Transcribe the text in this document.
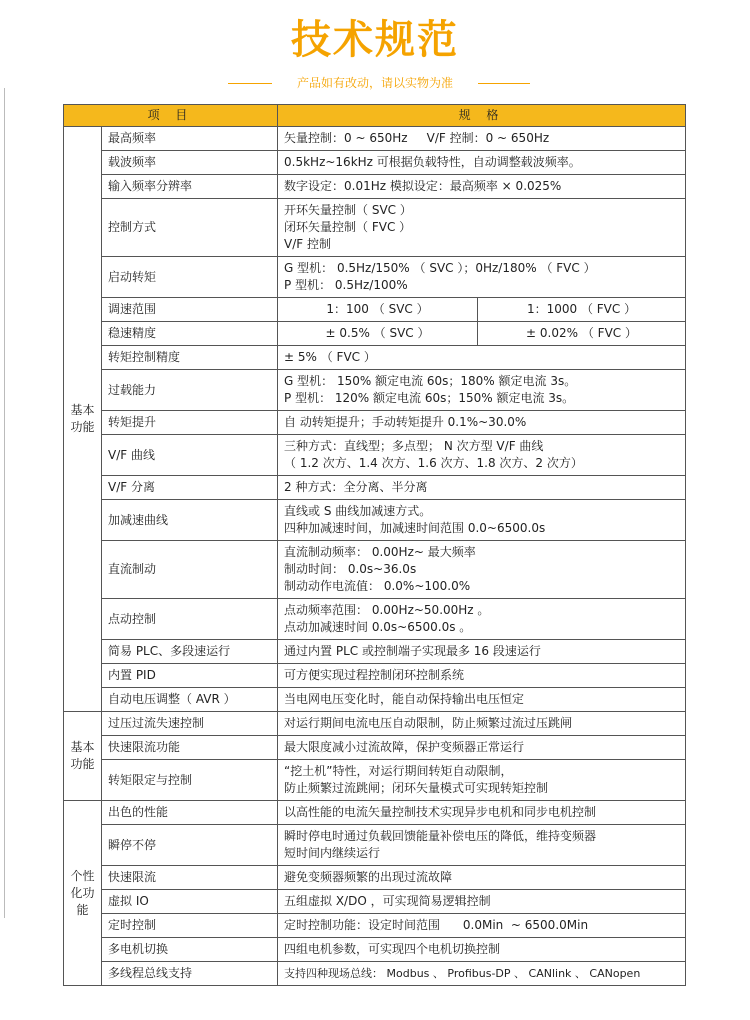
技术规范
产品如有改动，请以实物为准
项 目		规 格	
基本
功能	最高频率	矢量控制：0 ~ 650Hz     V/F 控制：0 ~ 650Hz	
	载波频率	0.5kHz~16kHz 可根据负载特性，自动调整载波频率。	
	输入频率分辨率	数字设定：0.01Hz 模拟设定：最高频率 × 0.025%	
	控制方式	开环矢量控制（ SVC ）
闭环矢量控制（ FVC ）
V/F 控制	

	启动转矩	G 型机： 0.5Hz/150% （ SVC ）；0Hz/180% （ FVC ）
P 型机： 0.5Hz/100%	

	调速范围	1：100 （ SVC ）	1：1000 （ FVC ）
	稳速精度	± 0.5% （ SVC ）	± 0.02% （ FVC ）
	转矩控制精度	± 5% （ FVC ）	
	过载能力	G 型机： 150% 额定电流 60s；180% 额定电流 3s。
P 型机： 120% 额定电流 60s；150% 额定电流 3s。	

	转矩提升	自 动转矩提升；手动转矩提升 0.1%~30.0%	
	V/F 曲线	三种方式：直线型；多点型； N 次方型 V/F 曲线
（ 1.2 次方、1.4 次方、1.6 次方、1.8 次方、2 次方）	

	V/F 分离	2 种方式：全分离、半分离	
	加减速曲线	直线或 S 曲线加减速方式。
四种加减速时间，加减速时间范围 0.0~6500.0s	

	直流制动	直流制动频率： 0.00Hz~ 最大频率
制动时间： 0.0s~36.0s
制动动作电流值： 0.0%~100.0%	

	点动控制	点动频率范围： 0.00Hz~50.00Hz 。
点动加减速时间 0.0s~6500.0s 。	

	简易 PLC、多段速运行	通过内置 PLC 或控制端子实现最多 16 段速运行	
	内置 PID	可方便实现过程控制闭环控制系统	
	自动电压调整（ AVR ）	当电网电压变化时，能自动保持输出电压恒定	
基本
功能	过压过流失速控制	对运行期间电流电压自动限制，防止频繁过流过压跳闸	
	快速限流功能	最大限度减小过流故障，保护变频器正常运行	
	转矩限定与控制	“挖土机”特性，对运行期间转矩自动限制，
防止频繁过流跳闸；闭环矢量模式可实现转矩控制	

个性
化功
能	出色的性能	以高性能的电流矢量控制技术实现异步电机和同步电机控制	
	瞬停不停	瞬时停电时通过负载回馈能量补偿电压的降低，维持变频器
短时间内继续运行	

	快速限流	避免变频器频繁的出现过流故障	
	虚拟 IO	五组虚拟 X/DO ，可实现简易逻辑控制	
	定时控制	定时控制功能：设定时间范围      0.0Min  ~ 6500.0Min	
	多电机切换	四组电机参数，可实现四个电机切换控制	
	多线程总线支持	支持四种现场总线： Modbus 、 Profibus-DP 、 CANlink 、 CANopen	
